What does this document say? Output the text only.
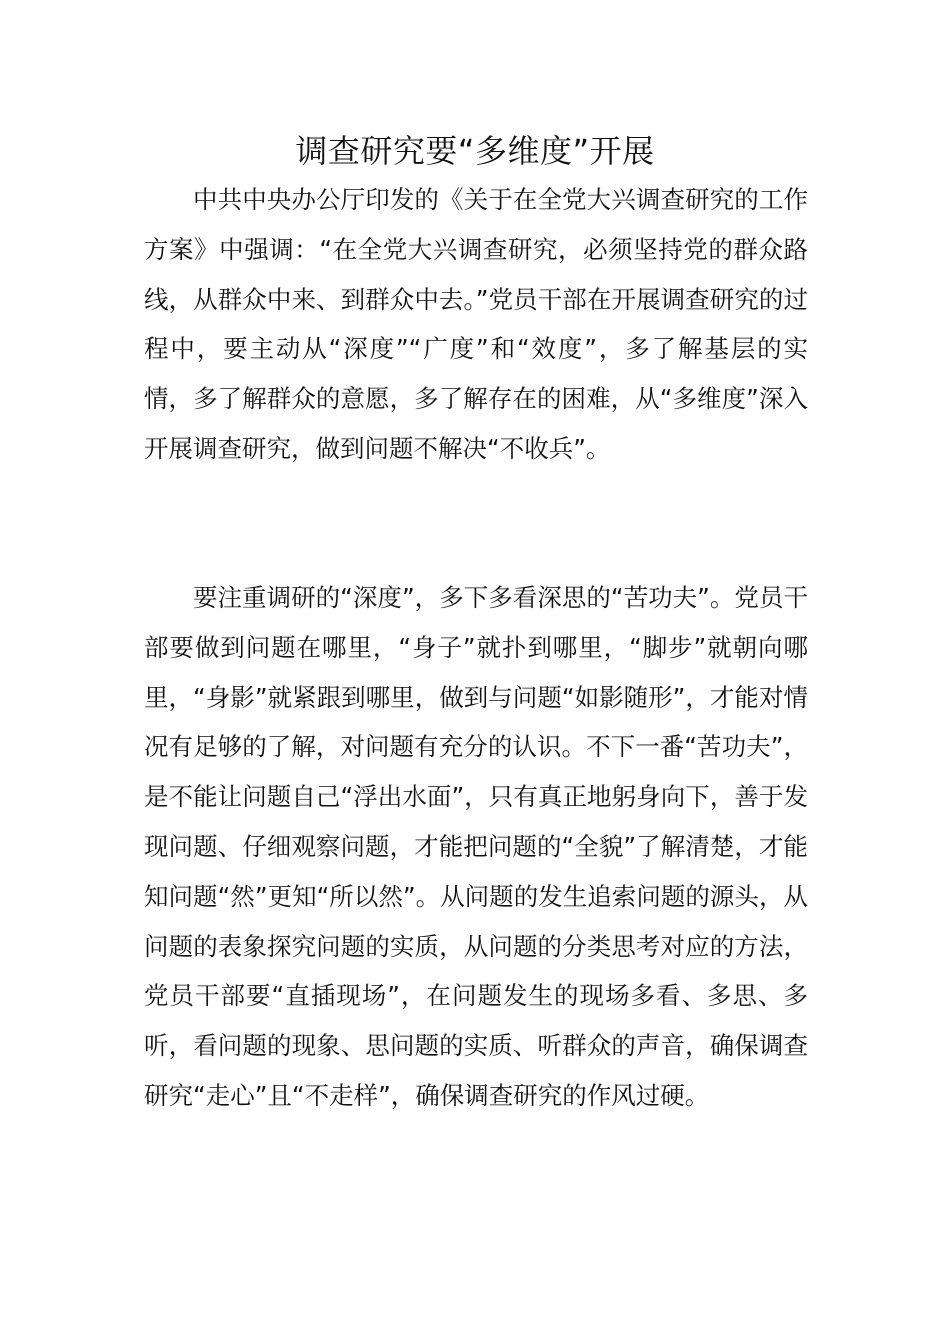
调查研究要“多维度”开展

中共中央办公厅印发的《关于在全党大兴调查研究的工作方案》中强调：“在全党大兴调查研究，必须坚持党的群众路线，从群众中来、到群众中去。”党员干部在开展调查研究的过程中，要主动从“深度”“广度”和“效度”，多了解基层的实情，多了解群众的意愿，多了解存在的困难，从“多维度”深入开展调查研究，做到问题不解决“不收兵”。

要注重调研的“深度”，多下多看深思的“苦功夫”。党员干部要做到问题在哪里，“身子”就扑到哪里，“脚步”就朝向哪里，“身影”就紧跟到哪里，做到与问题“如影随形”，才能对情况有足够的了解，对问题有充分的认识。不下一番“苦功夫”，是不能让问题自己“浮出水面”，只有真正地躬身向下，善于发现问题、仔细观察问题，才能把问题的“全貌”了解清楚，才能知问题“然”更知“所以然”。从问题的发生追索问题的源头，从问题的表象探究问题的实质，从问题的分类思考对应的方法，党员干部要“直插现场”，在问题发生的现场多看、多思、多听，看问题的现象、思问题的实质、听群众的声音，确保调查研究“走心”且“不走样”，确保调查研究的作风过硬。
